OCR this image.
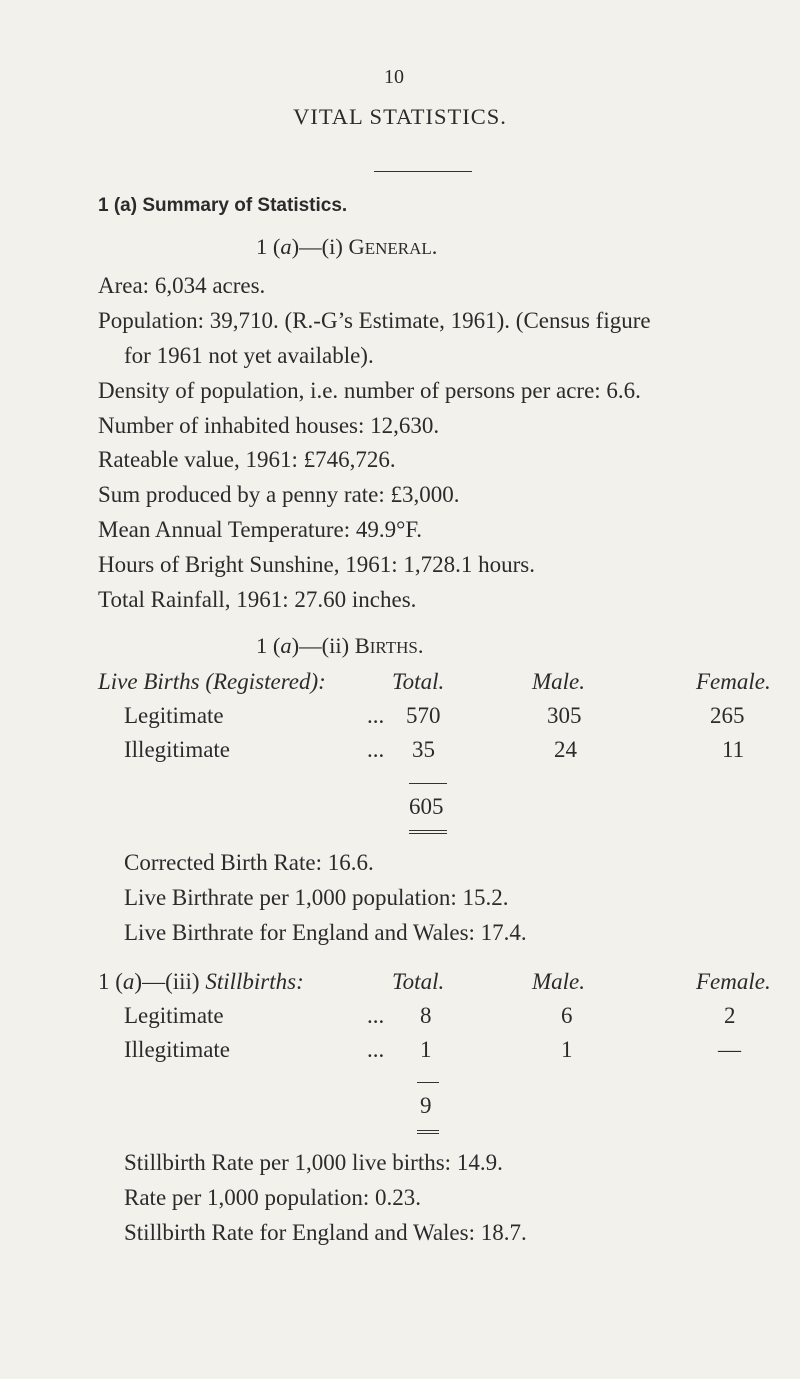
10
VITAL STATISTICS.
1 (a) Summary of Statistics.
1 (a)—(i) GENERAL.
Area: 6,034 acres.
Population: 39,710. (R.-G’s Estimate, 1961). (Census figure
for 1961 not yet available).
Density of population, i.e. number of persons per acre: 6.6.
Number of inhabited houses: 12,630.
Rateable value, 1961: £746,726.
Sum produced by a penny rate: £3,000.
Mean Annual Temperature: 49.9°F.
Hours of Bright Sunshine, 1961: 1,728.1 hours.
Total Rainfall, 1961: 27.60 inches.
1 (a)—(ii) BIRTHS.
Live Births (Registered):	Total.	Male.	Female.
Legitimate	... 570	305	265
Illegitimate	... 35	24	11
605
Corrected Birth Rate: 16.6.
Live Birthrate per 1,000 population: 15.2.
Live Birthrate for England and Wales: 17.4.
1 (a)—(iii) Stillbirths:	Total.	Male.	Female.
Legitimate	... 8	6	2
Illegitimate	... 1	1	—
9
Stillbirth Rate per 1,000 live births: 14.9.
Rate per 1,000 population: 0.23.
Stillbirth Rate for England and Wales: 18.7.
